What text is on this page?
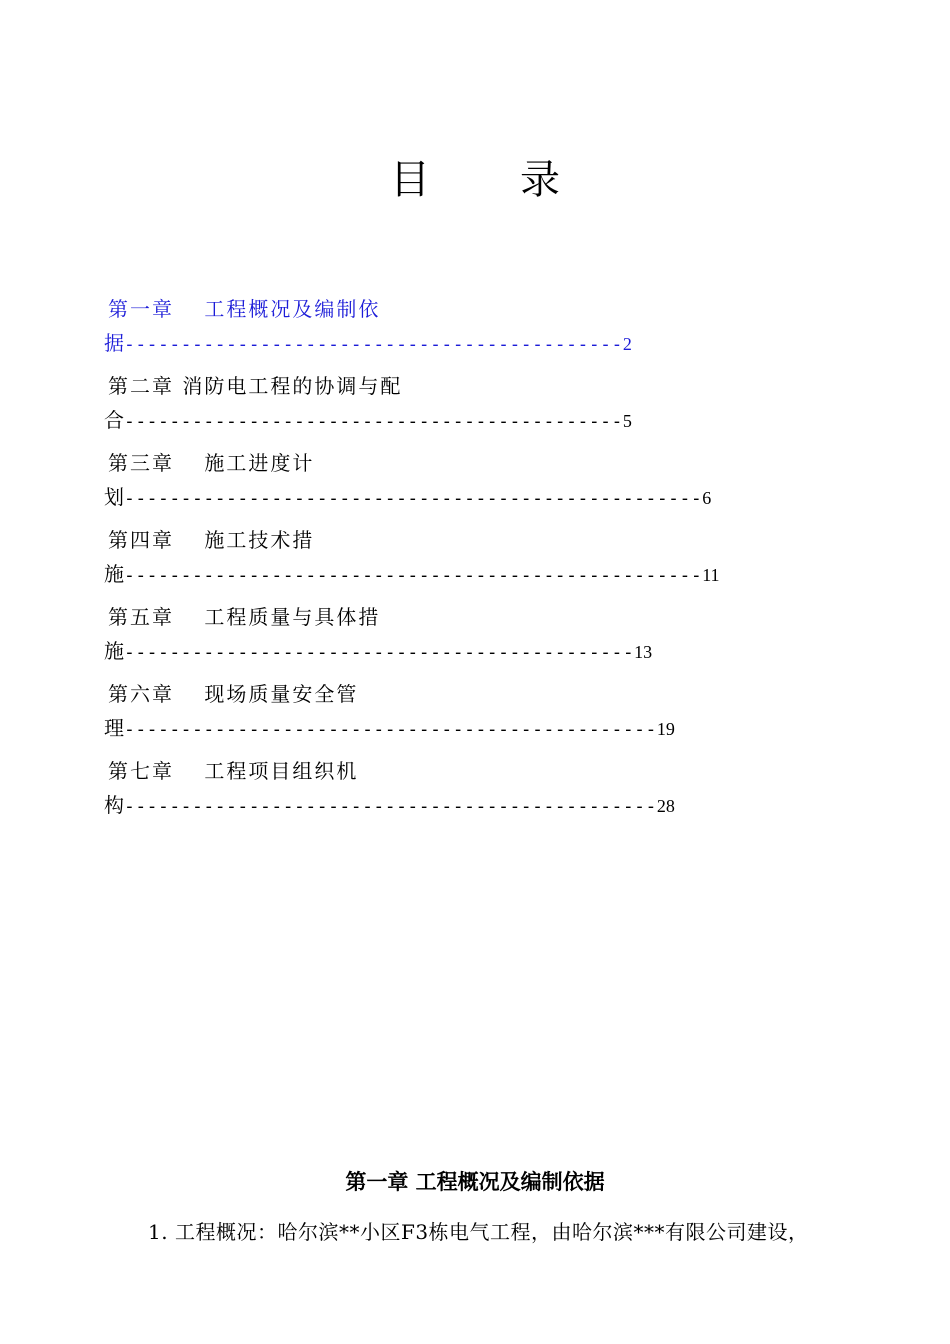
目 录
第一章　 工程概况及编制依
据--------------------------------------------2
第二章 消防电工程的协调与配
合--------------------------------------------5
第三章　 施工进度计
划---------------------------------------------------6
第四章　 施工技术措
施---------------------------------------------------11
第五章　 工程质量与具体措
施---------------------------------------------13
第六章　 现场质量安全管
理-----------------------------------------------19
第七章　 工程项目组织机
构-----------------------------------------------28
第一章 工程概况及编制依据
1. 工程概况：哈尔滨**小区F3栋电气工程，由哈尔滨***有限公司建设，
